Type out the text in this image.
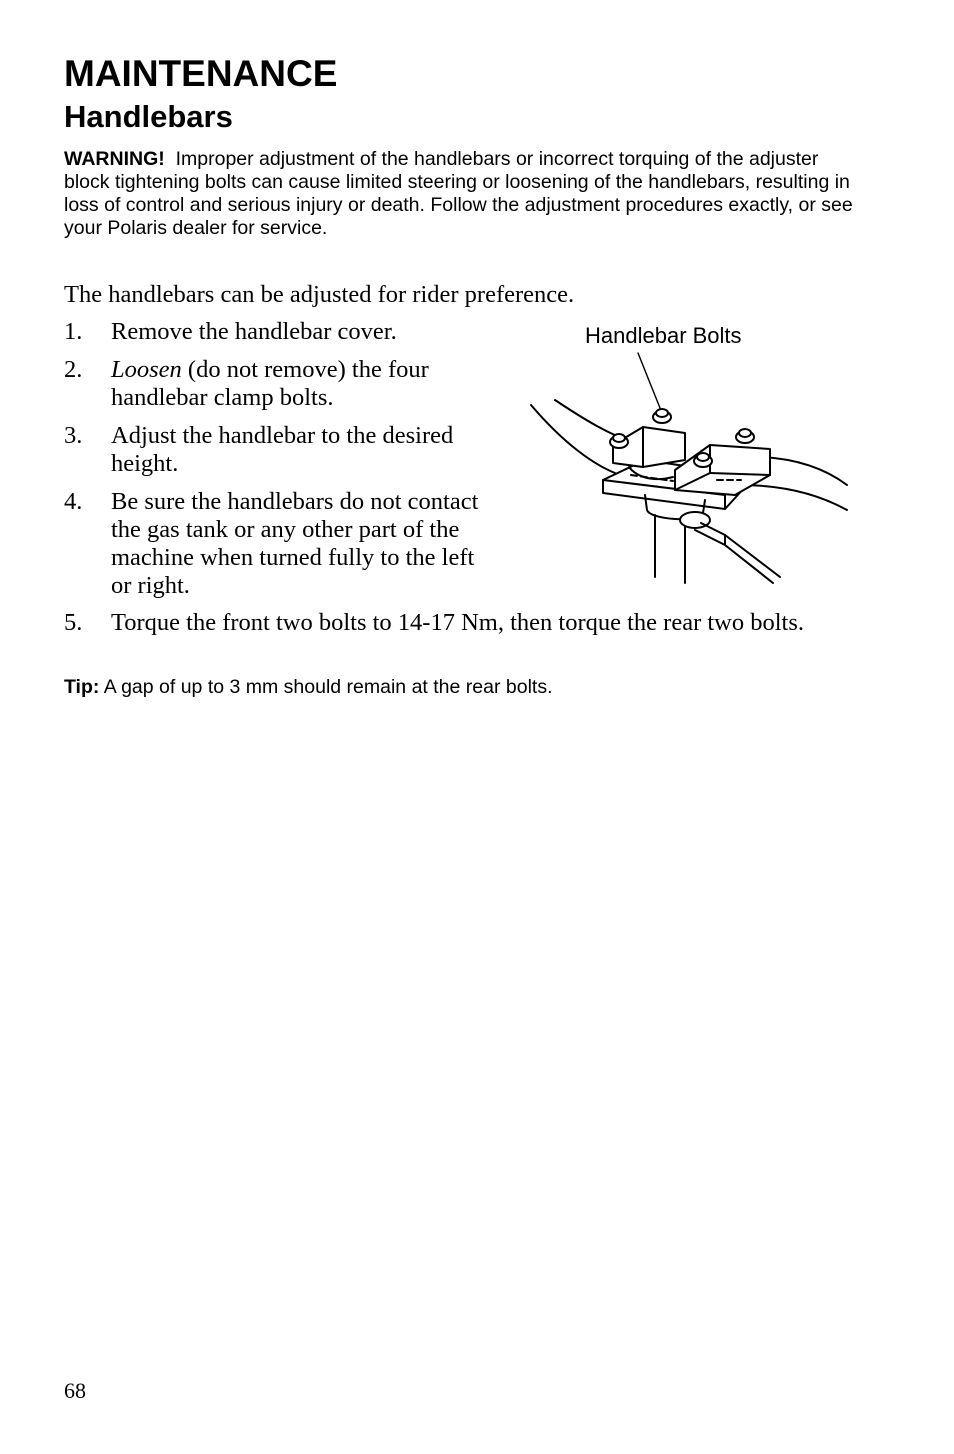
MAINTENANCE
Handlebars
WARNING! Improper adjustment of the handlebars or incorrect torquing of the adjuster block tightening bolts can cause limited steering or loosening of the handlebars, resulting in loss of control and serious injury or death. Follow the adjustment procedures exactly, or see your Polaris dealer for service.
The handlebars can be adjusted for rider preference.
1.	Remove the handlebar cover.
2.	Loosen (do not remove) the four handlebar clamp bolts.
3.	Adjust the handlebar to the desired height.
4.	Be sure the handlebars do not contact the gas tank or any other part of the machine when turned fully to the left or right.
5.	Torque the front two bolts to 14-17 Nm, then torque the rear two bolts.
Tip: A gap of up to 3 mm should remain at the rear bolts.
Handlebar Bolts
68
